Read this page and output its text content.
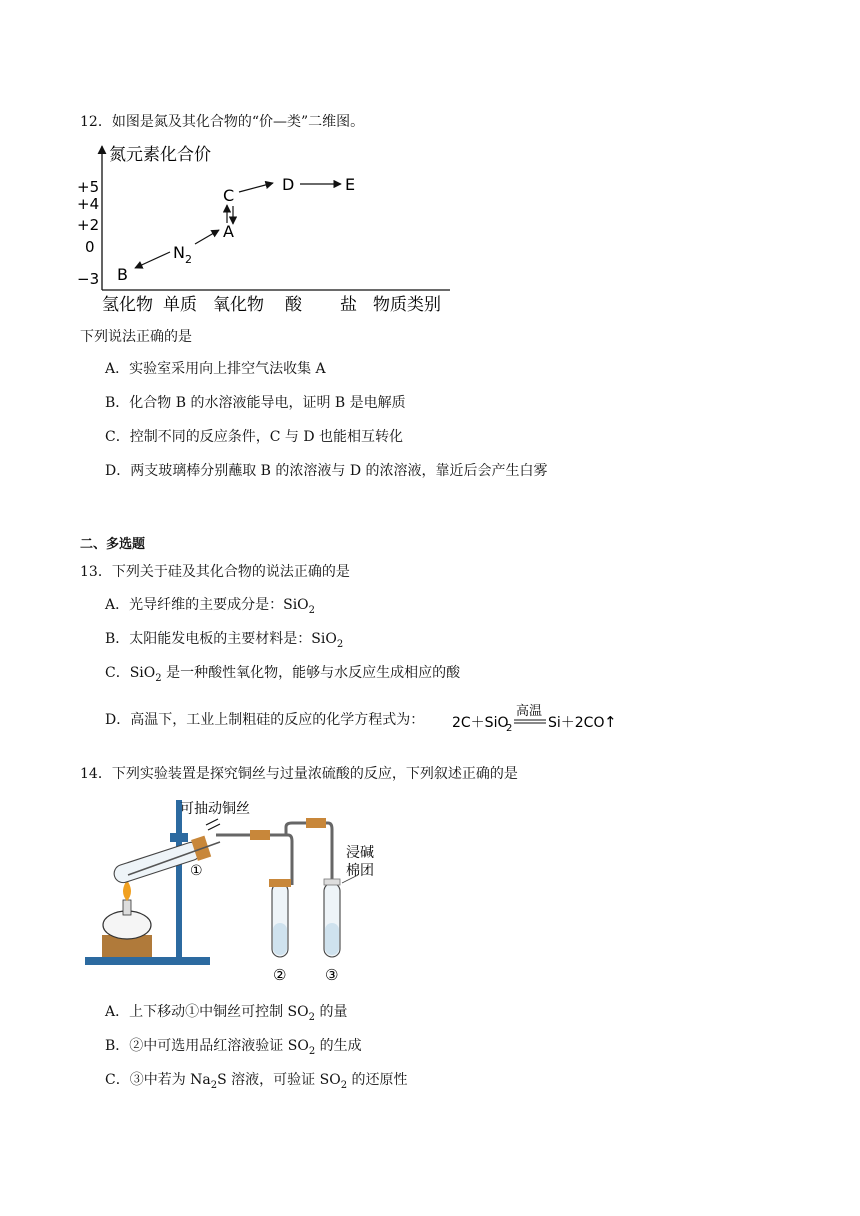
12．如图是氮及其化合物的“价—类”二维图。
氮元素化合价
+5
+4
+2
0
−3
氢化物 单质 氧化物 酸 盐 物质类别
B
N 2
A
C
D	E
下列说法正确的是
A．实验室采用向上排空气法收集 A
B．化合物 B 的水溶液能导电，证明 B 是电解质
C．控制不同的反应条件，C 与 D 也能相互转化
D．两支玻璃棒分别蘸取 B 的浓溶液与 D 的浓溶液，靠近后会产生白雾
二、多选题
13．下列关于硅及其化合物的说法正确的是
A．光导纤维的主要成分是：SiO$_2$
B．太阳能发电板的主要材料是：SiO$_2$
C．SiO$_2$ 是一种酸性氧化物，能够与水反应生成相应的酸
D．高温下，工业上制粗硅的反应的化学方程式为： 2C＋SiO
2
高温
Si＋2CO ↑
14．下列实验装置是探究铜丝与过量浓硫酸的反应，下列叙述正确的是
可抽动铜丝
①
②	③
浸碱
棉团
A．上下移动①中铜丝可控制 $SO_2$ 的量
B．②中可选用品红溶液验证 $SO_2$ 的生成
C．③中若为 $Na_2S$ 溶液，可验证 $SO_2$ 的还原性
